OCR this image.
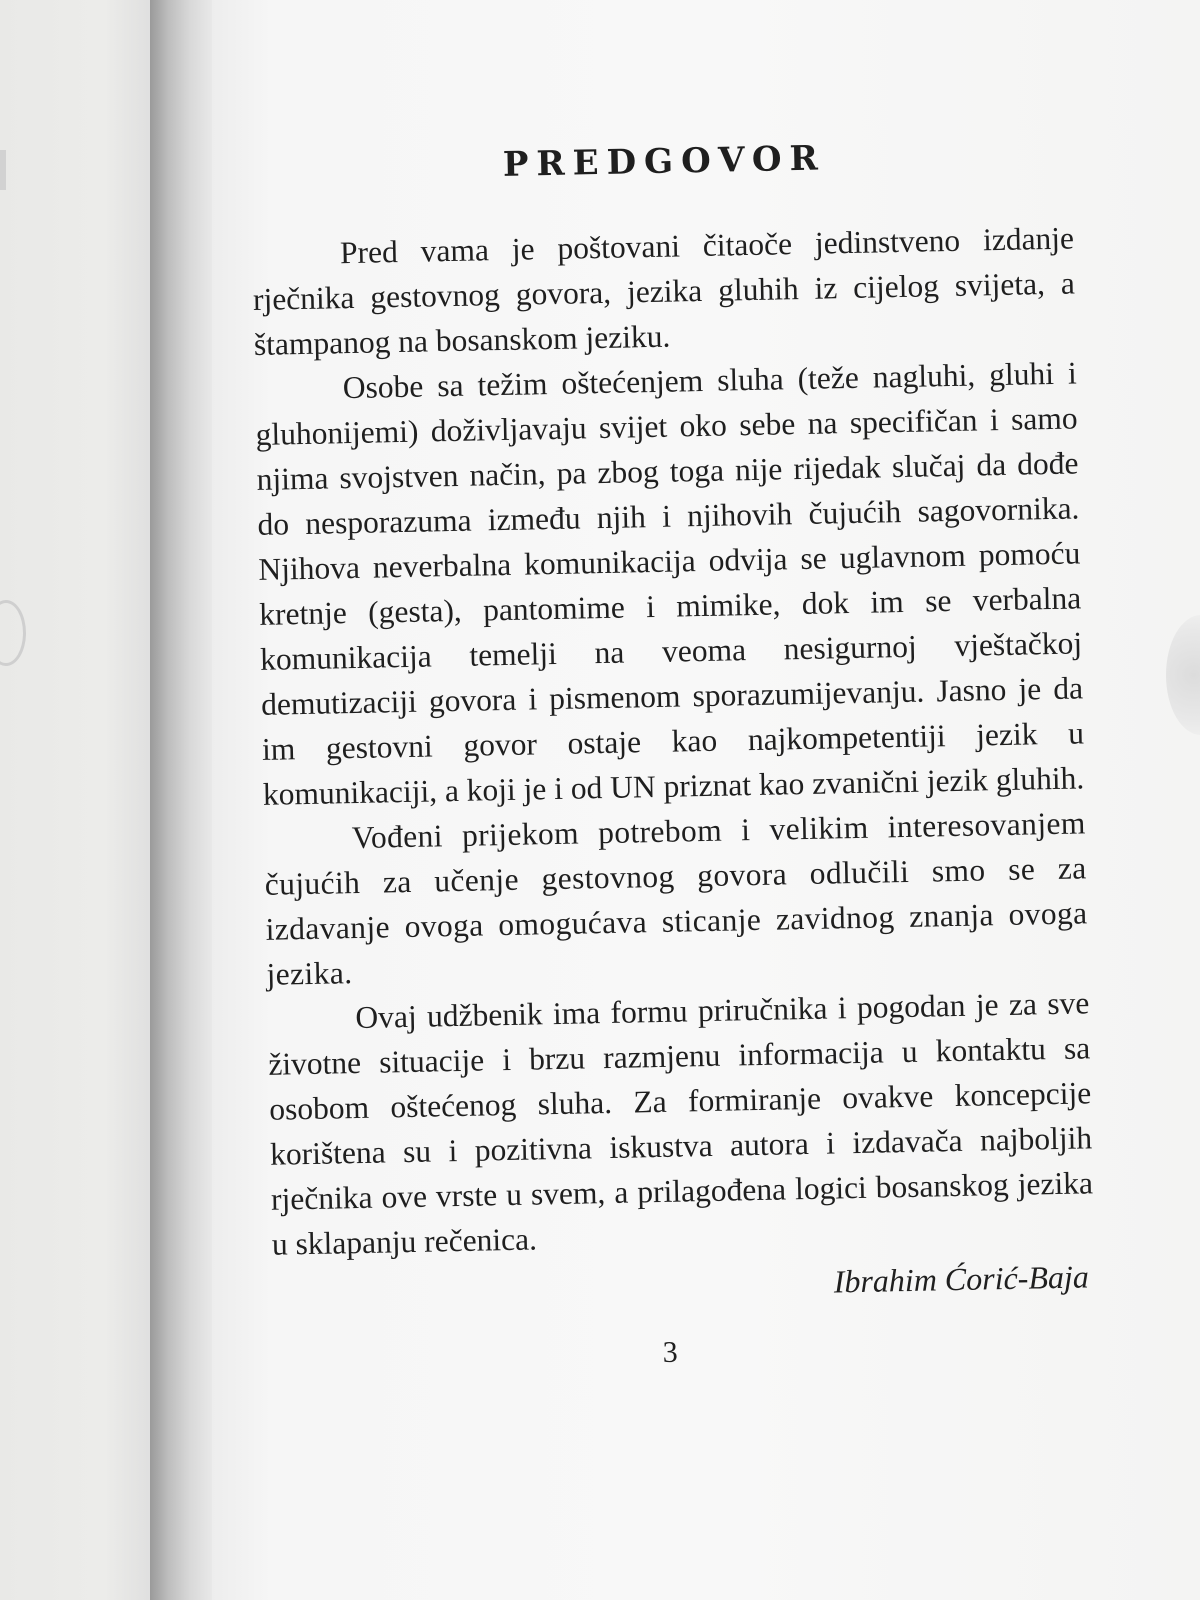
PREDGOVOR

Pred vama je poštovani čitaoče jedinstveno izdanje rječnika gestovnog govora, jezika gluhih iz cijelog svijeta, a štampanog na bosanskom jeziku.

Osobe sa težim oštećenjem sluha (teže nagluhi, gluhi i gluhonijemi) doživljavaju svijet oko sebe na specifičan i samo njima svojstven način, pa zbog toga nije rijedak slučaj da dođe do nesporazuma između njih i njihovih čujućih sagovornika. Njihova neverbalna komunikacija odvija se uglavnom pomoću kretnje (gesta), pantomime i mimike, dok im se verbalna komunikacija temelji na veoma nesigurnoj vještačkoj demutizaciji govora i pismenom sporazumijevanju. Jasno je da im gestovni govor ostaje kao najkompetentiji jezik u komunikaciji, a koji je i od UN priznat kao zvanični jezik gluhih.

Vođeni prijekom potrebom i velikim interesovanjem čujućih za učenje gestovnog govora odlučili smo se za izdavanje ovoga omogućava sticanje zavidnog znanja ovoga jezika.

Ovaj udžbenik ima formu priručnika i pogodan je za sve životne situacije i brzu razmjenu informacija u kontaktu sa osobom oštećenog sluha. Za formiranje ovakve koncepcije korištena su i pozitivna iskustva autora i izdavača najboljih rječnika ove vrste u svem, a prilagođena logici bosanskog jezika u sklapanju rečenica.

Ibrahim Ćorić-Baja
3
